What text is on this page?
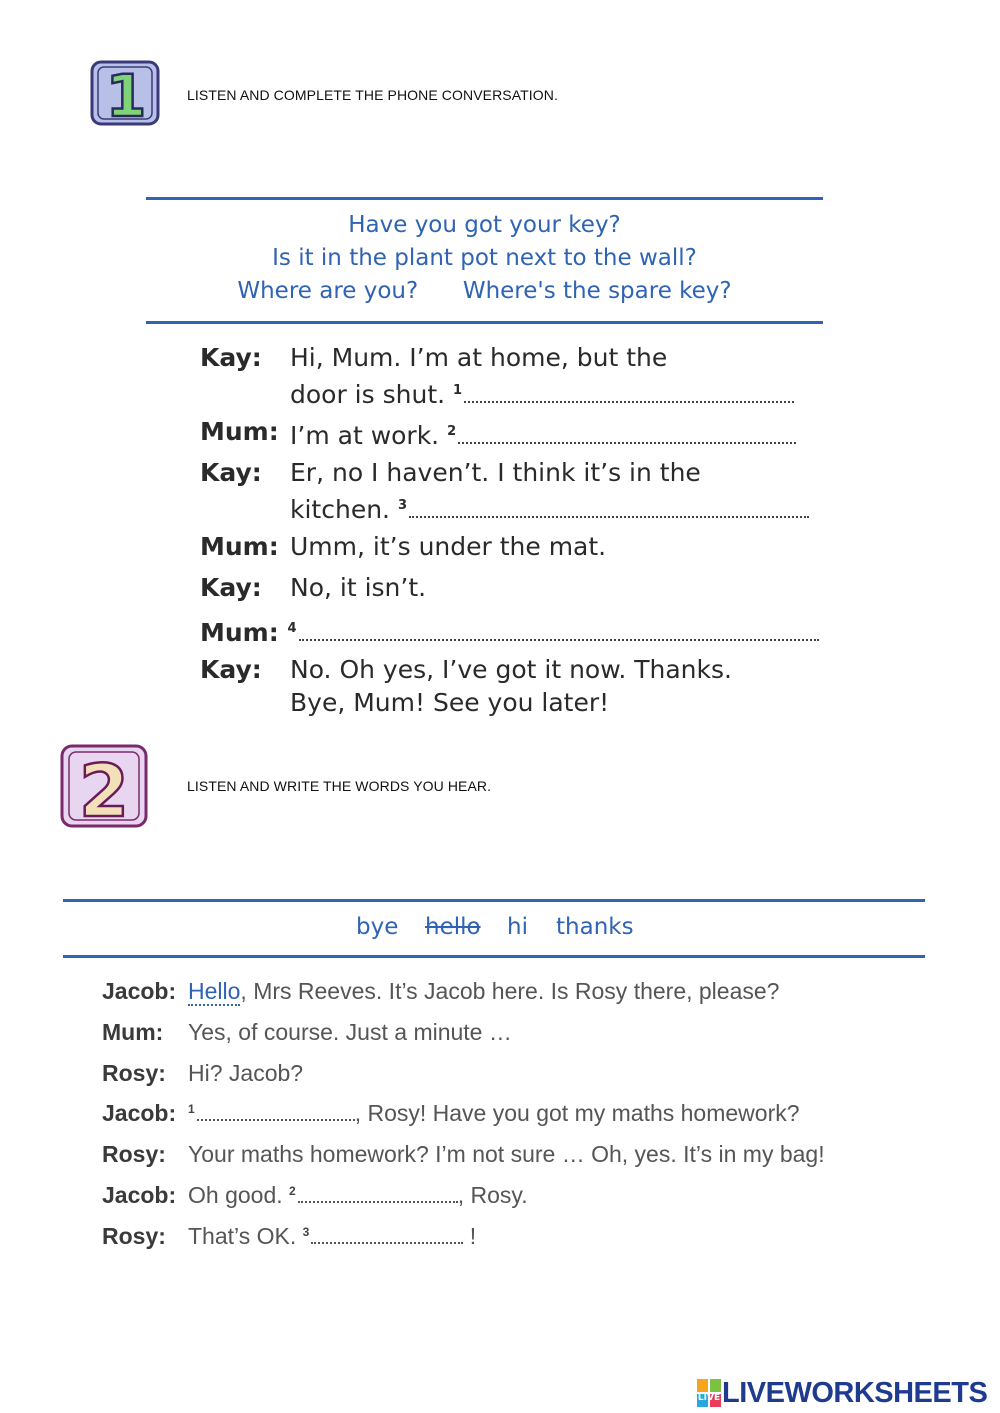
1	LISTEN AND COMPLETE THE PHONE CONVERSATION.
Have you got your key?
Is it in the plant pot next to the wall?
Where are you? Where's the spare key?
Kay: Hi, Mum. I’m at home, but the
door is shut. $^1$
Mum: I’m at work. $^2$
Kay: Er, no I haven’t. I think it’s in the
kitchen. $^3$
Mum: Umm, it’s under the mat.
Kay: No, it isn’t.
Mum: $^4$
Kay: No. Oh yes, I’ve got it now. Thanks.
Bye, Mum! See you later!
2	LISTEN AND WRITE THE WORDS YOU HEAR.
bye hello hi thanks
Jacob: Hello, Mrs Reeves. It’s Jacob here. Is Rosy there, please?
Mum: Yes, of course. Just a minute …
Rosy: Hi? Jacob?
Jacob: $^1$	, Rosy! Have you got my maths homework?
Rosy: Your maths homework? I’m not sure … Oh, yes. It’s in my bag!
Jacob: Oh good. $^2$	, Rosy.
Rosy: That’s OK. $^3$	!
LIVE LIVEWORKSHEETS
